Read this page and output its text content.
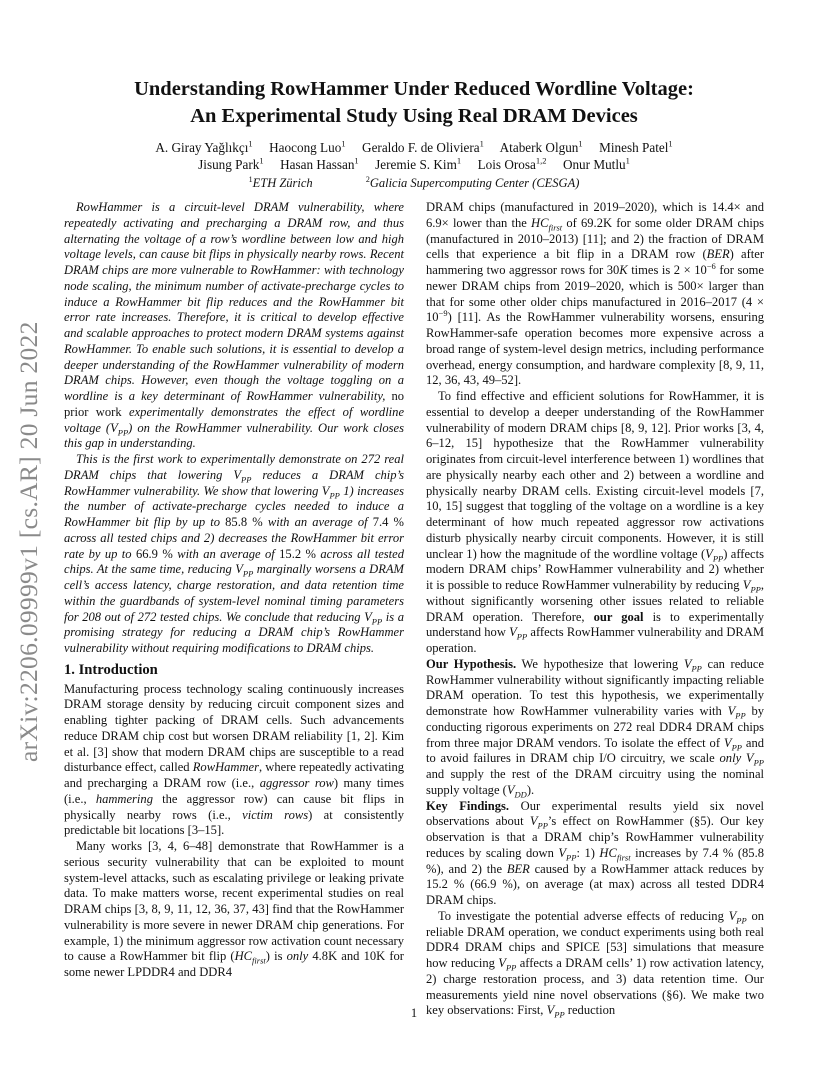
arXiv:2206.09999v1 [cs.AR] 20 Jun 2022
Understanding RowHammer Under Reduced Wordline Voltage:
An Experimental Study Using Real DRAM Devices
A. Giray Yağlıkçı$^1$  Haocong Luo$^1$  Geraldo F. de Oliviera$^1$  Ataberk Olgun$^1$  Minesh Patel$^1$
Jisung Park$^1$  Hasan Hassan$^1$  Jeremie S. Kim$^1$  Lois Orosa$^{1,2}$  Onur Mutlu$^1$
$^1$ETH Zürich    	$^2$Galicia Supercomputing Center (CESGA)

RowHammer is a circuit-level DRAM vulnerability, where repeatedly activating and precharging a DRAM row, and thus alternating the voltage of a row’s wordline between low and high voltage levels, can cause bit flips in physically nearby rows. Recent DRAM chips are more vulnerable to RowHammer: with technology node scaling, the minimum number of activate-precharge cycles to induce a RowHammer bit flip reduces and the RowHammer bit error rate increases. Therefore, it is critical to develop effective and scalable approaches to protect modern DRAM systems against RowHammer. To enable such solutions, it is essential to develop a deeper understanding of the RowHammer vulnerability of modern DRAM chips. However, even though the voltage toggling on a wordline is a key determinant of RowHammer vulnerability, no prior work experimentally demonstrates the effect of wordline voltage $(V_{PP})$ on the RowHammer vulnerability. Our work closes this gap in understanding.

This is the first work to experimentally demonstrate on 272 real DRAM chips that lowering $V_{PP}$ reduces a DRAM chip’s RowHammer vulnerability. We show that lowering $V_{PP}$ 1) increases the number of activate-precharge cycles needed to induce a RowHammer bit flip by up to 85.8 % with an average of 7.4 % across all tested chips and 2) decreases the RowHammer bit error rate by up to 66.9 % with an average of 15.2 % across all tested chips. At the same time, reducing $V_{PP}$ marginally worsens a DRAM cell’s access latency, charge restoration, and data retention time within the guardbands of system-level nominal timing parameters for 208 out of 272 tested chips. We conclude that reducing $V_{PP}$ is a promising strategy for reducing a DRAM chip’s RowHammer vulnerability without requiring modifications to DRAM chips.

1. Introduction

Manufacturing process technology scaling continuously increases DRAM storage density by reducing circuit component sizes and enabling tighter packing of DRAM cells. Such advancements reduce DRAM chip cost but worsen DRAM reliability [1, 2]. Kim et al. [3] show that modern DRAM chips are susceptible to a read disturbance effect, called RowHammer, where repeatedly activating and precharging a DRAM row (i.e., aggressor row) many times (i.e., hammering the aggressor row) can cause bit flips in physically nearby rows (i.e., victim rows) at consistently predictable bit locations [3–15].

Many works [3, 4, 6–48] demonstrate that RowHammer is a serious security vulnerability that can be exploited to mount system-level attacks, such as escalating privilege or leaking private data. To make matters worse, recent experimental studies on real DRAM chips [3, 8, 9, 11, 12, 36, 37, 43] find that the RowHammer vulnerability is more severe in newer DRAM chip generations. For example, 1) the minimum aggressor row activation count necessary to cause a RowHammer bit flip $(HC_{first})$ is only 4.8K and 10K for some newer LPDDR4 and DDR4

DRAM chips (manufactured in 2019–2020), which is 14.4× and 6.9× lower than the $HC_{first}$ of 69.2K for some older DRAM chips (manufactured in 2010–2013) [11]; and 2) the fraction of DRAM cells that experience a bit flip in a DRAM row (BER) after hammering two aggressor rows for 30K times is $2 \times 10^{-6}$ for some newer DRAM chips from 2019–2020, which is 500× larger than that for some other older chips manufactured in 2016–2017 $(4 \times 10^{-9})$ [11]. As the RowHammer vulnerability worsens, ensuring RowHammer-safe operation becomes more expensive across a broad range of system-level design metrics, including performance overhead, energy consumption, and hardware complexity [8, 9, 11, 12, 36, 43, 49–52].

To find effective and efficient solutions for RowHammer, it is essential to develop a deeper understanding of the RowHammer vulnerability of modern DRAM chips [8, 9, 12]. Prior works [3, 4, 6–12, 15] hypothesize that the RowHammer vulnerability originates from circuit-level interference between 1) wordlines that are physically nearby each other and 2) between a wordline and physically nearby DRAM cells. Existing circuit-level models [7, 10, 15] suggest that toggling of the voltage on a wordline is a key determinant of how much repeated aggressor row activations disturb physically nearby circuit components. However, it is still unclear 1) how the magnitude of the wordline voltage $(V_{PP})$ affects modern DRAM chips’ RowHammer vulnerability and 2) whether it is possible to reduce RowHammer vulnerability by reducing $V_{PP}$, without significantly worsening other issues related to reliable DRAM operation. Therefore, our goal is to experimentally understand how $V_{PP}$ affects RowHammer vulnerability and DRAM operation.

Our Hypothesis. We hypothesize that lowering $V_{PP}$ can reduce RowHammer vulnerability without significantly impacting reliable DRAM operation. To test this hypothesis, we experimentally demonstrate how RowHammer vulnerability varies with $V_{PP}$ by conducting rigorous experiments on 272 real DDR4 DRAM chips from three major DRAM vendors. To isolate the effect of $V_{PP}$ and to avoid failures in DRAM chip I/O circuitry, we scale only $V_{PP}$ and supply the rest of the DRAM circuitry using the nominal supply voltage $(V_{DD})$.

Key Findings. Our experimental results yield six novel observations about $V_{PP}’s$ effect on RowHammer (§5). Our key observation is that a DRAM chip’s RowHammer vulnerability reduces by scaling down $V_{PP}$: 1) $HC_{first}$ increases by 7.4 % (85.8 %), and 2) the BER caused by a RowHammer attack reduces by 15.2 % (66.9 %), on average (at max) across all tested DDR4 DRAM chips.

To investigate the potential adverse effects of reducing $V_{PP}$ on reliable DRAM operation, we conduct experiments using both real DDR4 DRAM chips and SPICE [53] simulations that measure how reducing $V_{PP}$ affects a DRAM cells’ 1) row activation latency, 2) charge restoration process, and 3) data retention time. Our measurements yield nine novel observations (§6). We make two key observations: First, $V_{PP}$ reduction

1
